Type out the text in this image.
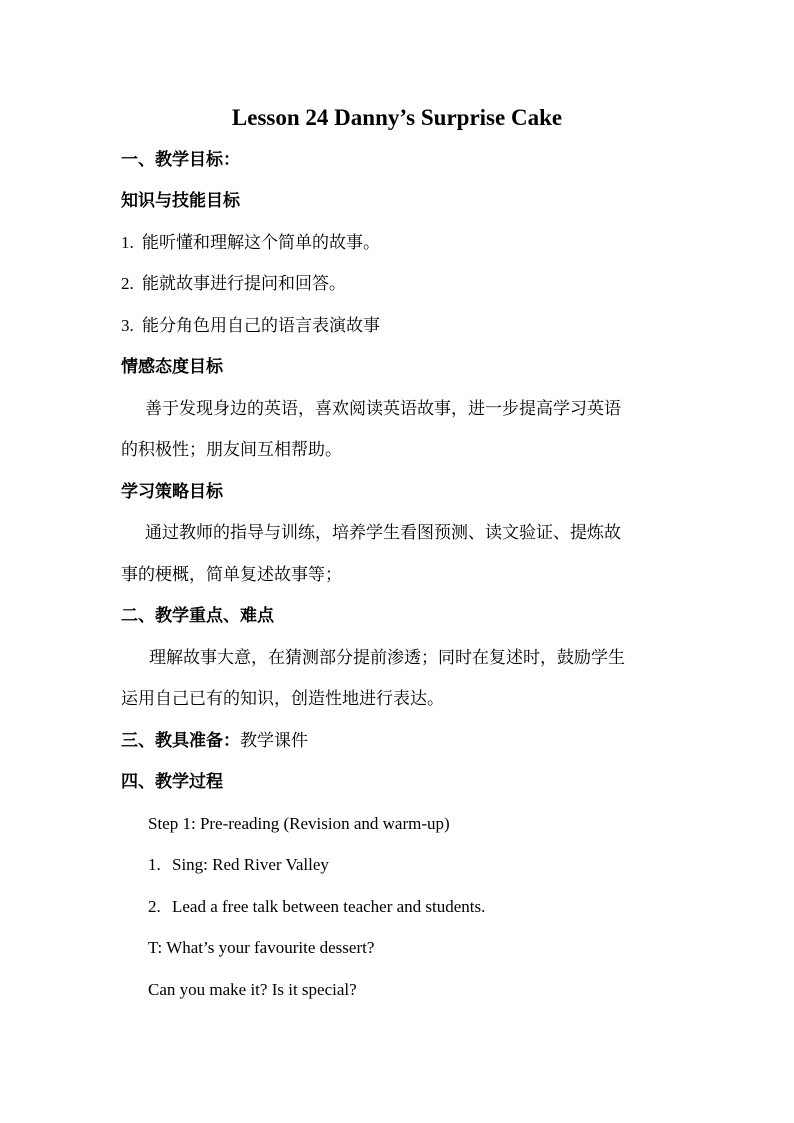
Lesson 24 Danny’s Surprise Cake
一、教学目标：
知识与技能目标
1. 能听懂和理解这个简单的故事。
2. 能就故事进行提问和回答。
3. 能分角色用自己的语言表演故事
情感态度目标
善于发现身边的英语，喜欢阅读英语故事，进一步提高学习英语
的积极性；朋友间互相帮助。
学习策略目标
通过教师的指导与训练，培养学生看图预测、读文验证、提炼故
事的梗概，简单复述故事等；
二、教学重点、难点
理解故事大意，在猜测部分提前渗透；同时在复述时，鼓励学生
运用自己已有的知识，创造性地进行表达。
三、教具准备：教学课件
四、教学过程
Step 1: Pre-reading (Revision and warm-up)
1. Sing: Red River Valley
2. Lead a free talk between teacher and students.
T: What’s your favourite dessert?
Can you make it? Is it special?
